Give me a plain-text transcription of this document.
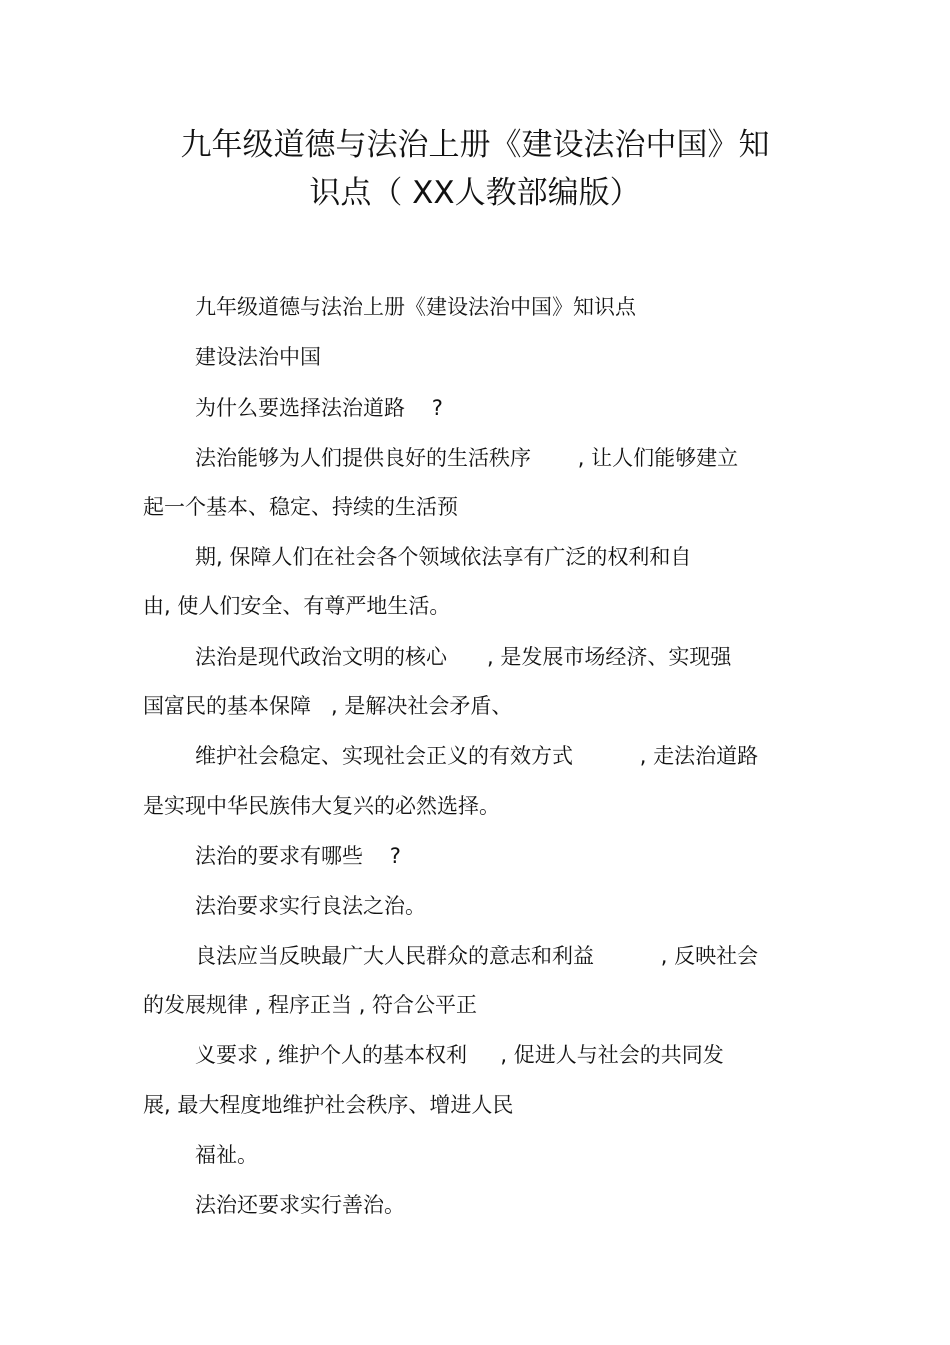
九年级道德与法治上册《建设法治中国》知
识点（ XX人教部编版）
九年级道德与法治上册《建设法治中国》知识点
建设法治中国
为什么要选择法治道路    ?
法治能够为人们提供良好的生活秩序       , 让人们能够建立
起一个基本、稳定、持续的生活预
期, 保障人们在社会各个领域依法享有广泛的权利和自
由, 使人们安全、有尊严地生活。
法治是现代政治文明的核心      , 是发展市场经济、实现强
国富民的基本保障   , 是解决社会矛盾、
维护社会稳定、实现社会正义的有效方式          , 走法治道路
是实现中华民族伟大复兴的必然选择。
法治的要求有哪些    ?
法治要求实行良法之治。
良法应当反映最广大人民群众的意志和利益          , 反映社会
的发展规律 , 程序正当 , 符合公平正
义要求 , 维护个人的基本权利     , 促进人与社会的共同发
展, 最大程度地维护社会秩序、增进人民
福祉。
法治还要求实行善治。
